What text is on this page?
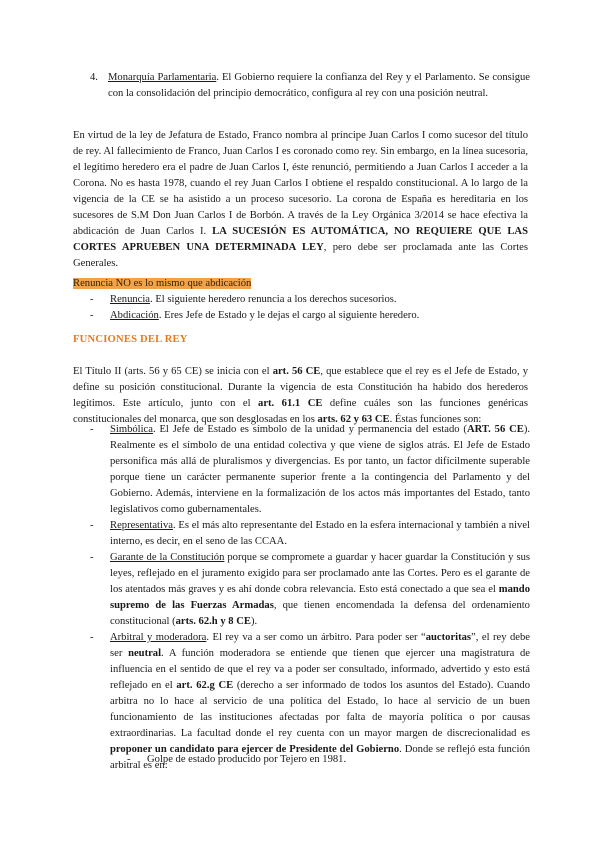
4. Monarquía Parlamentaria. El Gobierno requiere la confianza del Rey y el Parlamento. Se consigue con la consolidación del principio democrático, configura al rey con una posición neutral.

En virtud de la ley de Jefatura de Estado, Franco nombra al príncipe Juan Carlos I como sucesor del título de rey. Al fallecimiento de Franco, Juan Carlos I es coronado como rey. Sin embargo, en la línea sucesoria, el legítimo heredero era el padre de Juan Carlos I, éste renunció, permitiendo a Juan Carlos I acceder a la Corona. No es hasta 1978, cuando el rey Juan Carlos I obtiene el respaldo constitucional. A lo largo de la vigencia de la CE se ha asistido a un proceso sucesorio. La corona de España es hereditaria en los sucesores de S.M Don Juan Carlos I de Borbón. A través de la Ley Orgánica 3/2014 se hace efectiva la abdicación de Juan Carlos I. LA SUCESIÓN ES AUTOMÁTICA, NO REQUIERE QUE LAS CORTES APRUEBEN UNA DETERMINADA LEY, pero debe ser proclamada ante las Cortes Generales.

Renuncia NO es lo mismo que abdicación

- Renuncia. El siguiente heredero renuncia a los derechos sucesorios.
- Abdicación. Eres Jefe de Estado y le dejas el cargo al siguiente heredero.
FUNCIONES DEL REY

El Título II (arts. 56 y 65 CE) se inicia con el art. 56 CE, que establece que el rey es el Jefe de Estado, y define su posición constitucional. Durante la vigencia de esta Constitución ha habido dos herederos legítimos. Este artículo, junto con el art. 61.1 CE define cuáles son las funciones genéricas constitucionales del monarca, que son desglosadas en los arts. 62 y 63 CE. Éstas funciones son:

- Simbólica. El Jefe de Estado es símbolo de la unidad y permanencia del estado (ART. 56 CE). Realmente es el símbolo de una entidad colectiva y que viene de siglos atrás. El Jefe de Estado personifica más allá de pluralismos y divergencias. Es por tanto, un factor difícilmente superable porque tiene un carácter permanente superior frente a la contingencia del Parlamento y del Gobierno. Además, interviene en la formalización de los actos más importantes del Estado, tanto legislativos como gubernamentales.
- Representativa. Es el más alto representante del Estado en la esfera internacional y también a nivel interno, es decir, en el seno de las CCAA.
- Garante de la Constitución porque se compromete a guardar y hacer guardar la Constitución y sus leyes, reflejado en el juramento exigido para ser proclamado ante las Cortes. Pero es el garante de los atentados más graves y es ahí donde cobra relevancia. Esto está conectado a que sea el mando supremo de las Fuerzas Armadas, que tienen encomendada la defensa del ordenamiento constitucional (arts. 62.h y 8 CE).
- Arbitral y moderadora. El rey va a ser como un árbitro. Para poder ser “auctoritas”, el rey debe ser neutral. A función moderadora se entiende que tienen que ejercer una magistratura de influencia en el sentido de que el rey va a poder ser consultado, informado, advertido y esto está reflejado en el art. 62.g CE (derecho a ser informado de todos los asuntos del Estado). Cuando arbitra no lo hace al servicio de una política del Estado, lo hace al servicio de un buen funcionamiento de las instituciones afectadas por falta de mayoría política o por causas extraordinarias. La facultad donde el rey cuenta con un mayor margen de discrecionalidad es proponer un candidato para ejercer de Presidente del Gobierno. Donde se reflejó esta función arbitral es en:
- Golpe de estado producido por Tejero en 1981.
